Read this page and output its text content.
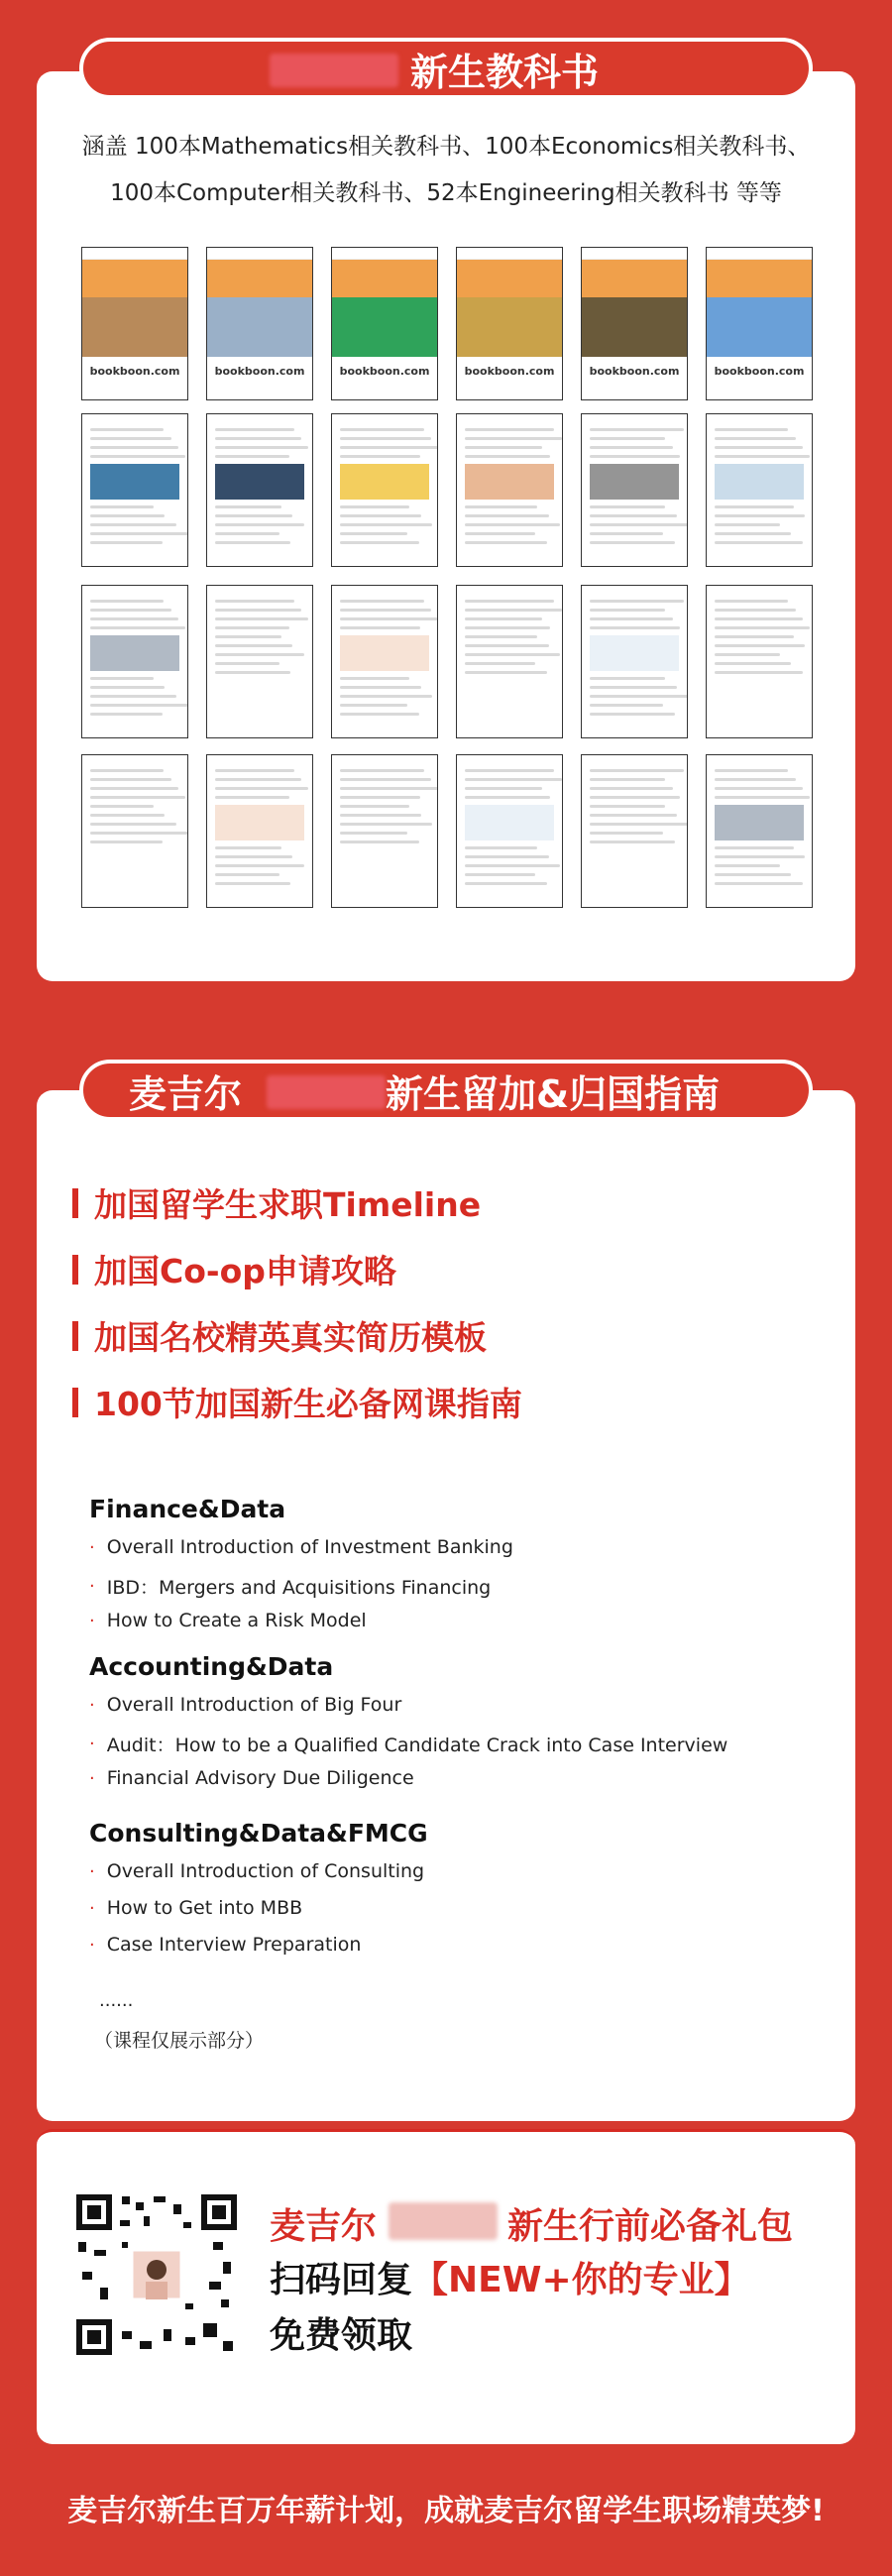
新生教科书
涵盖 100本Mathematics相关教科书、100本Economics相关教科书、
100本Computer相关教科书、52本Engineering相关教科书 等等
bookboon.com	bookboon.com	bookboon.com	bookboon.com	bookboon.com	bookboon.com
麦吉尔	新生留加&归国指南
加国留学生求职Timeline
加国Co-op申请攻略
加国名校精英真实简历模板
100节加国新生必备网课指南
Finance&Data
· Overall Introduction of Investment Banking
· IBD：Mergers and Acquisitions Financing
· How to Create a Risk Model
Accounting&Data
· Overall Introduction of Big Four
· Audit：How to be a Qualified Candidate Crack into Case Interview
· Financial Advisory Due Diligence
Consulting&Data&FMCG
· Overall Introduction of Consulting
· How to Get into MBB
· Case Interview Preparation
......
（课程仅展示部分）
麦吉尔	新生行前必备礼包
扫码回复【NEW+你的专业】
免费领取
麦吉尔新生百万年薪计划，成就麦吉尔留学生职场精英梦!
